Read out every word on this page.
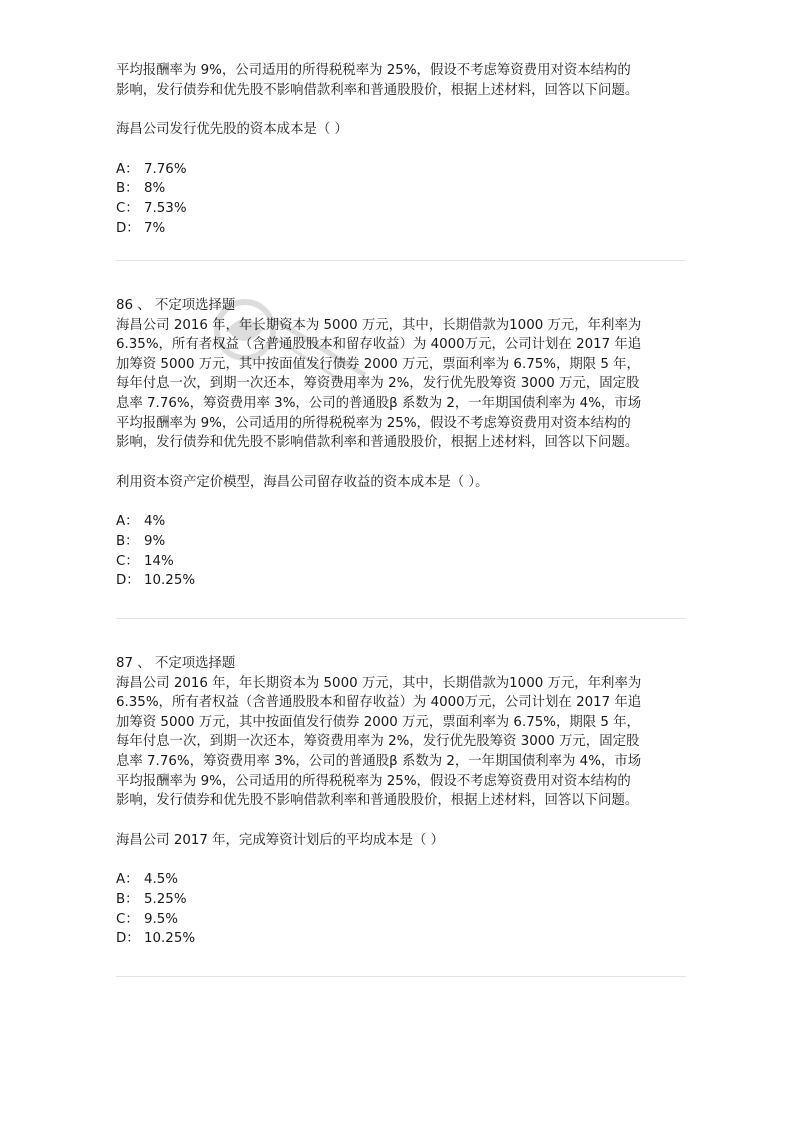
平均报酬率为 9%，公司适用的所得税税率为 25%，假设不考虑筹资费用对资本结构的
影响，发行债券和优先股不影响借款利率和普通股股价，根据上述材料，回答以下问题。
海昌公司发行优先股的资本成本是（ ）
A： 7.76%
B： 8%
C： 7.53%
D： 7%
86 、 不定项选择题
海昌公司 2016 年，年长期资本为 5000 万元，其中，长期借款为1000 万元，年利率为
6.35%，所有者权益（含普通股股本和留存收益）为 4000万元，公司计划在 2017 年追
加筹资 5000 万元，其中按面值发行债券 2000 万元，票面利率为 6.75%，期限 5 年，
每年付息一次，到期一次还本，筹资费用率为 2%，发行优先股筹资 3000 万元，固定股
息率 7.76%，筹资费用率 3%，公司的普通股β 系数为 2，一年期国债利率为 4%，市场
平均报酬率为 9%，公司适用的所得税税率为 25%，假设不考虑筹资费用对资本结构的
影响，发行债券和优先股不影响借款利率和普通股股价，根据上述材料，回答以下问题。
利用资本资产定价模型，海昌公司留存收益的资本成本是（ ）。
A： 4%
B： 9%
C： 14%
D： 10.25%
87 、 不定项选择题
海昌公司 2016 年，年长期资本为 5000 万元，其中，长期借款为1000 万元，年利率为
6.35%，所有者权益（含普通股股本和留存收益）为 4000万元，公司计划在 2017 年追
加筹资 5000 万元，其中按面值发行债券 2000 万元，票面利率为 6.75%，期限 5 年，
每年付息一次，到期一次还本，筹资费用率为 2%，发行优先股筹资 3000 万元，固定股
息率 7.76%，筹资费用率 3%，公司的普通股β 系数为 2，一年期国债利率为 4%，市场
平均报酬率为 9%，公司适用的所得税税率为 25%，假设不考虑筹资费用对资本结构的
影响，发行债券和优先股不影响借款利率和普通股股价，根据上述材料，回答以下问题。
海昌公司 2017 年，完成筹资计划后的平均成本是（ ）
A： 4.5%
B： 5.25%
C： 9.5%
D： 10.25%
